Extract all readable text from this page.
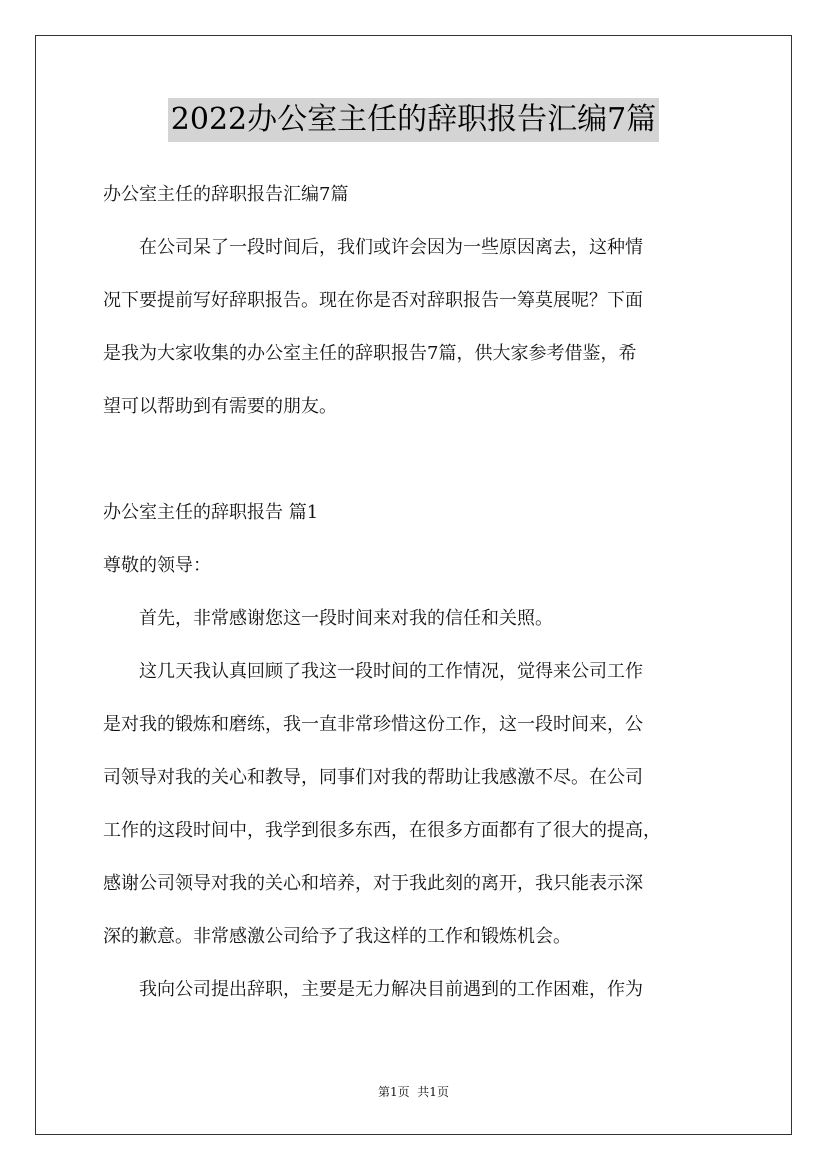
2022办公室主任的辞职报告汇编7篇
办公室主任的辞职报告汇编7篇
　　在公司呆了一段时间后，我们或许会因为一些原因离去，这种情
况下要提前写好辞职报告。现在你是否对辞职报告一筹莫展呢？下面
是我为大家收集的办公室主任的辞职报告7篇，供大家参考借鉴，希
望可以帮助到有需要的朋友。
办公室主任的辞职报告 篇1
尊敬的领导：
　　首先，非常感谢您这一段时间来对我的信任和关照。
　　这几天我认真回顾了我这一段时间的工作情况，觉得来公司工作
是对我的锻炼和磨练，我一直非常珍惜这份工作，这一段时间来，公
司领导对我的关心和教导，同事们对我的帮助让我感激不尽。在公司
工作的这段时间中，我学到很多东西，在很多方面都有了很大的提高，
感谢公司领导对我的关心和培养，对于我此刻的离开，我只能表示深
深的歉意。非常感激公司给予了我这样的工作和锻炼机会。
　　我向公司提出辞职，主要是无力解决目前遇到的工作困难，作为
第1页  共1页
